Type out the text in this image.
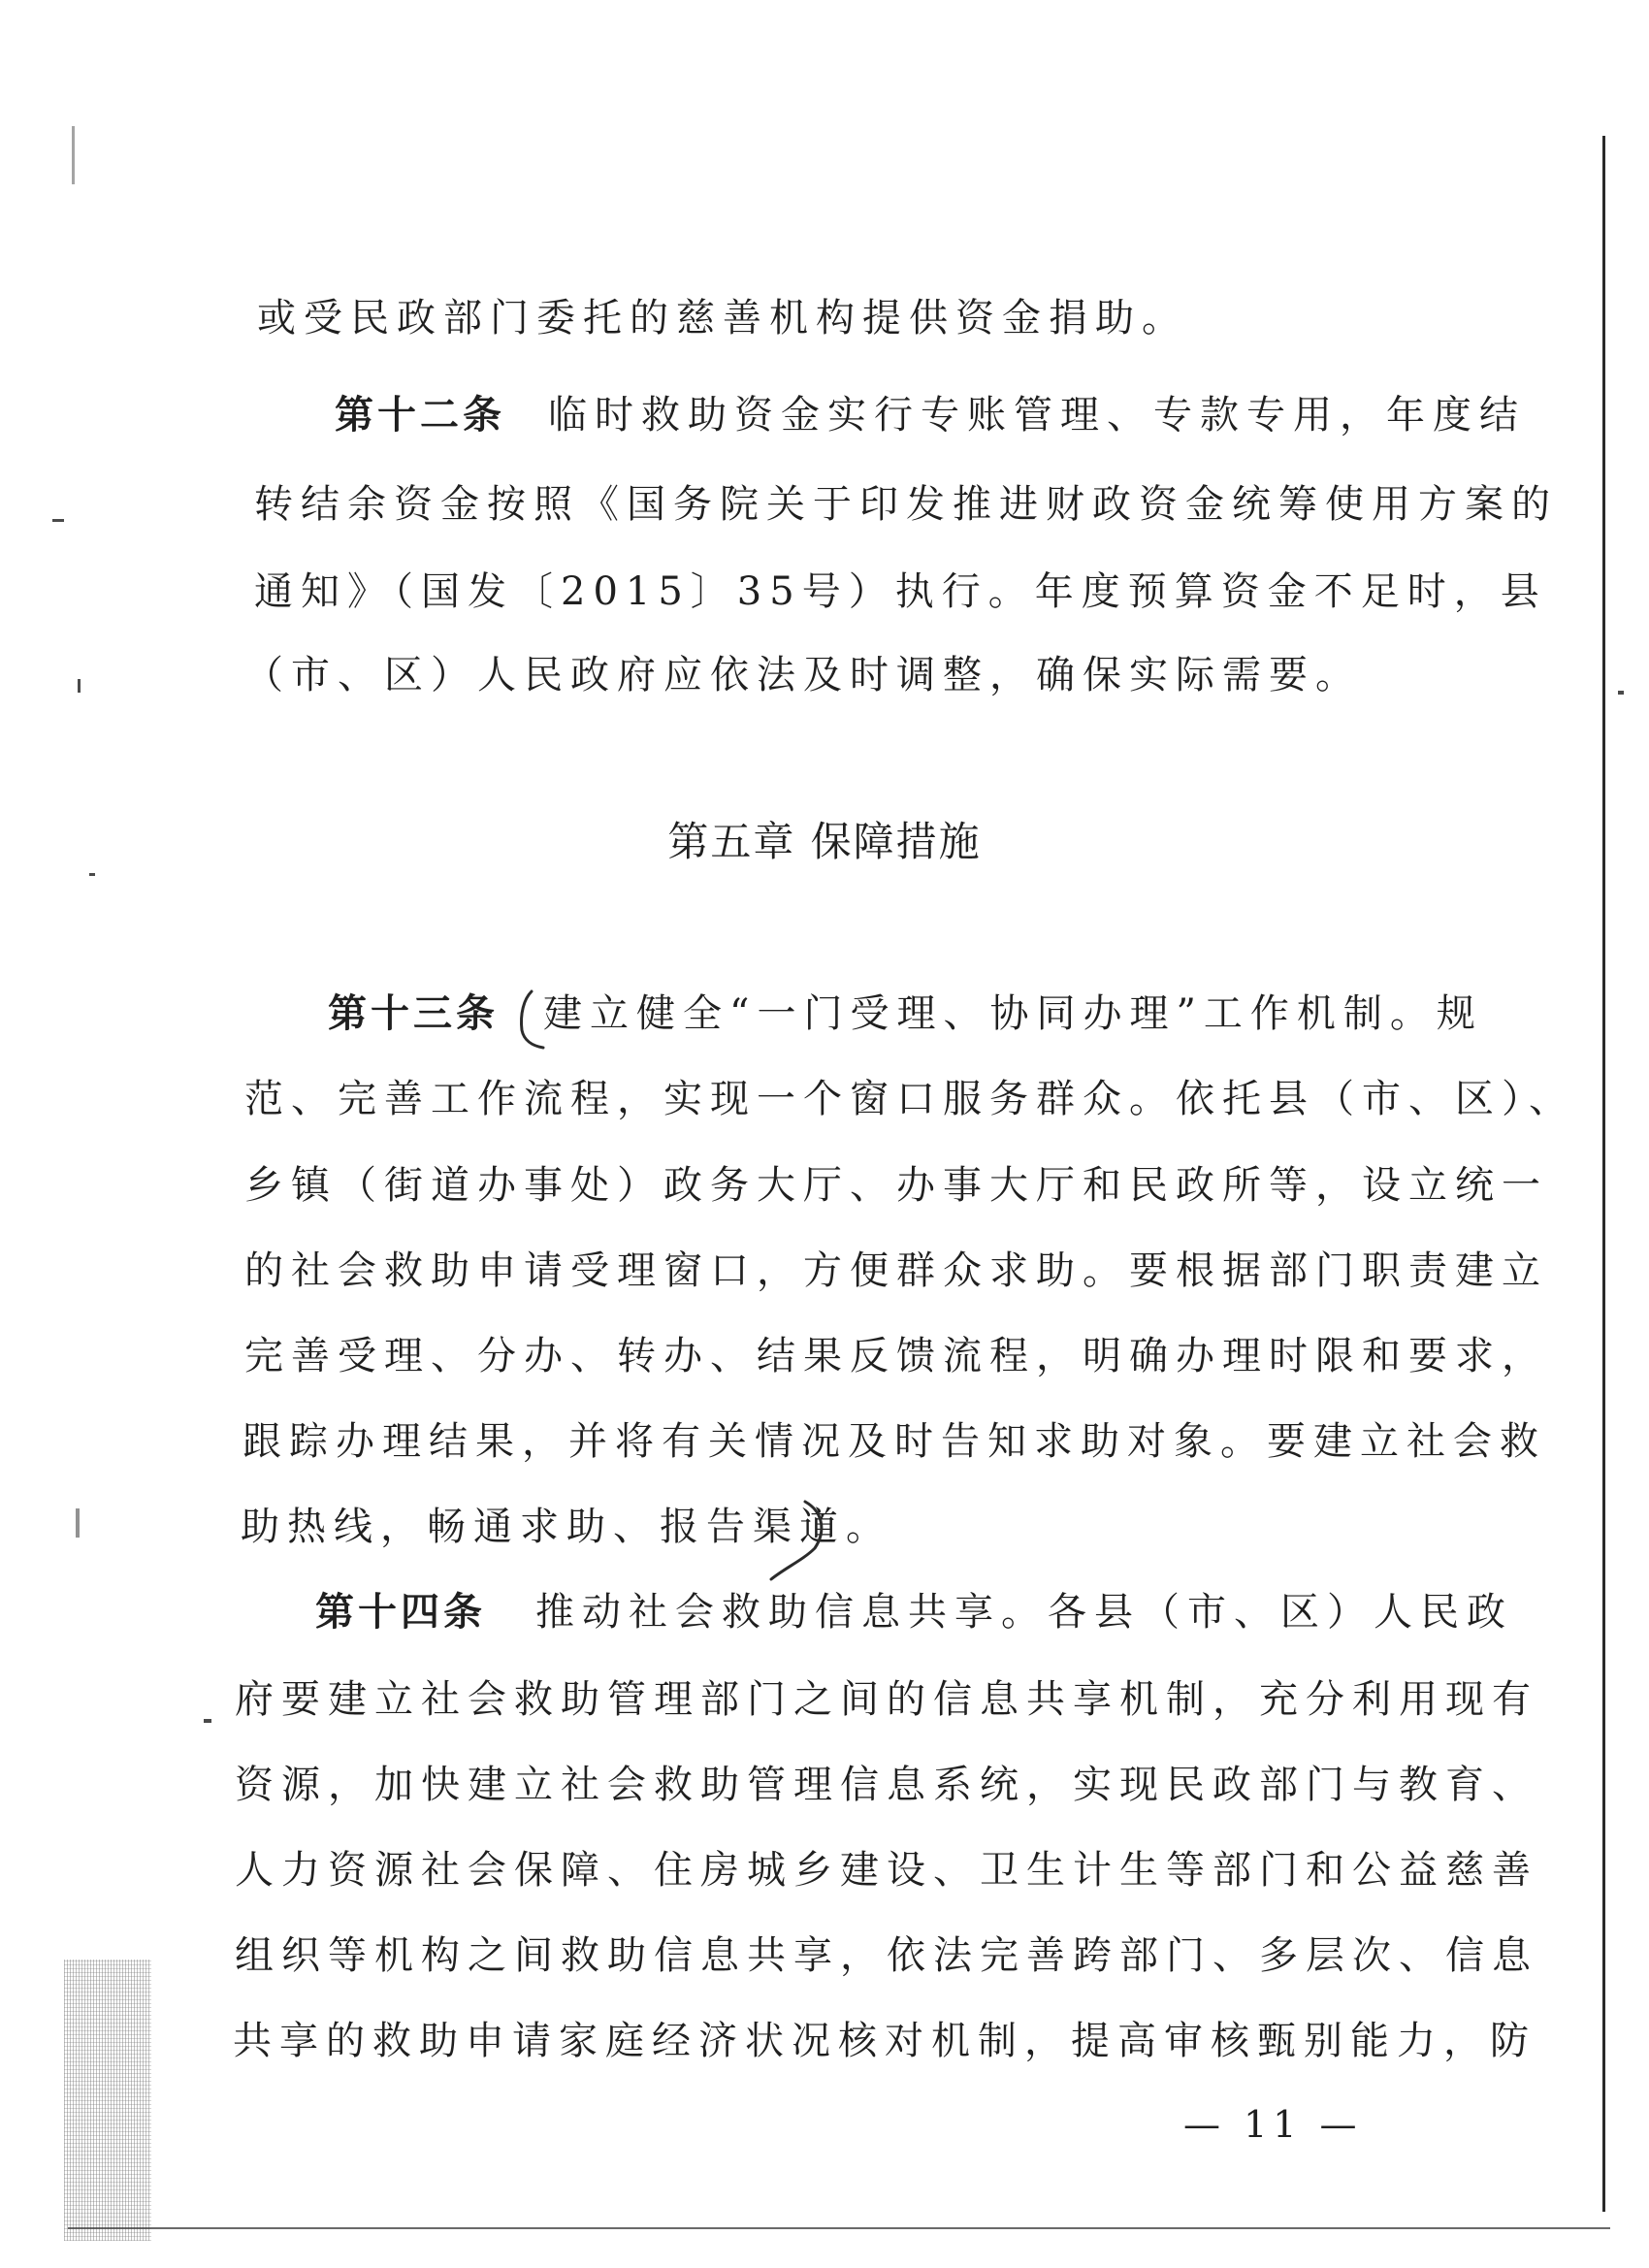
或受民政部门委托的慈善机构提供资金捐助。
第十二条 临时救助资金实行专账管理、专款专用，年度结
转结余资金按照《国务院关于印发推进财政资金统筹使用方案的
通知》（国发〔2015〕35号）执行。年度预算资金不足时，县
（市、区）人民政府应依法及时调整，确保实际需要。
第五章 保障措施
第十三条 建立健全“一门受理、协同办理”工作机制。规
范、完善工作流程，实现一个窗口服务群众。依托县（市、区）、
乡镇（街道办事处）政务大厅、办事大厅和民政所等，设立统一
的社会救助申请受理窗口，方便群众求助。要根据部门职责建立
完善受理、分办、转办、结果反馈流程，明确办理时限和要求，
跟踪办理结果，并将有关情况及时告知求助对象。要建立社会救
助热线，畅通求助、报告渠道。
第十四条 推动社会救助信息共享。各县（市、区）人民政
府要建立社会救助管理部门之间的信息共享机制，充分利用现有
资源，加快建立社会救助管理信息系统，实现民政部门与教育、
人力资源社会保障、住房城乡建设、卫生计生等部门和公益慈善
组织等机构之间救助信息共享，依法完善跨部门、多层次、信息
共享的救助申请家庭经济状况核对机制，提高审核甄别能力，防
— 11 —
